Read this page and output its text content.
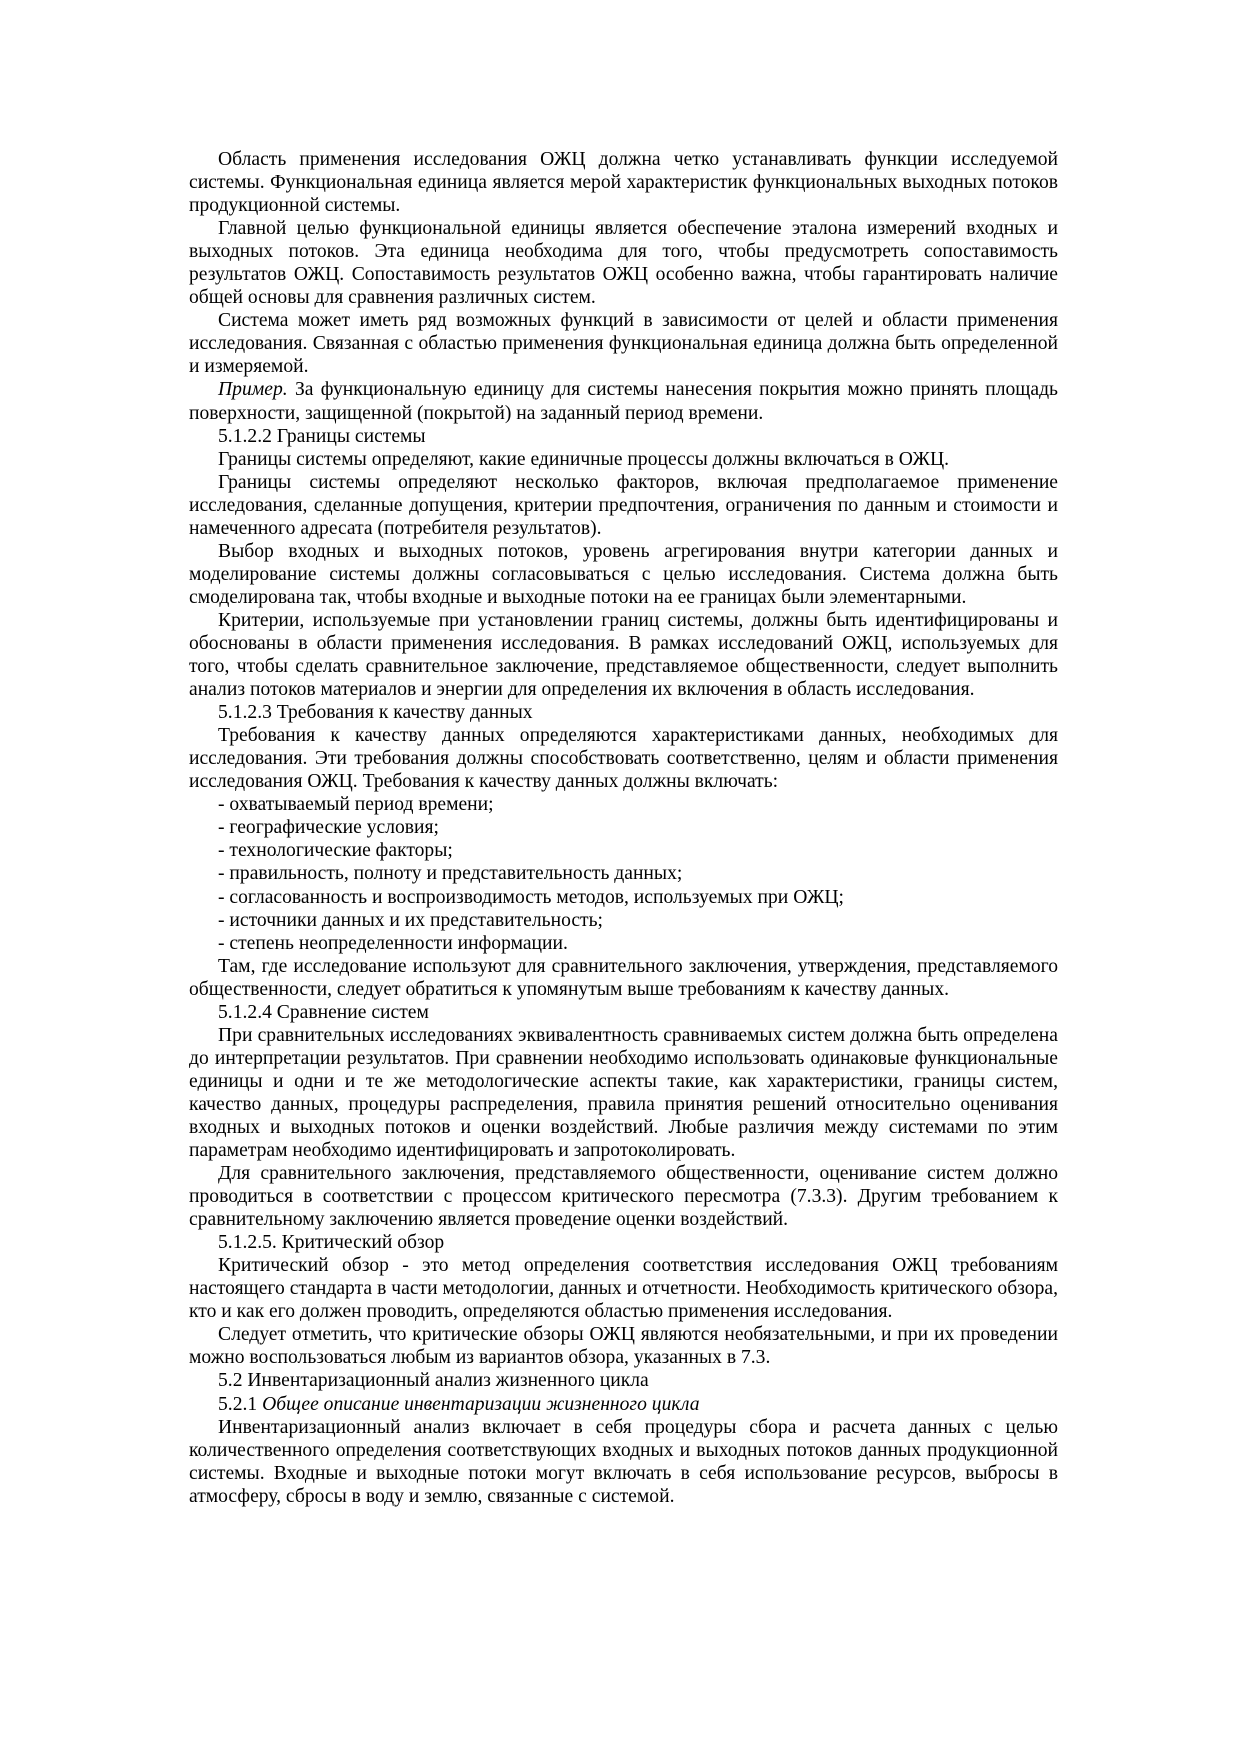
Область применения исследования ОЖЦ должна четко устанавливать функции исследуемой системы. Функциональная единица является мерой характеристик функциональных выходных потоков продукционной системы.

Главной целью функциональной единицы является обеспечение эталона измерений входных и выходных потоков. Эта единица необходима для того, чтобы предусмотреть сопоставимость результатов ОЖЦ. Сопоставимость результатов ОЖЦ особенно важна, чтобы гарантировать наличие общей основы для сравнения различных систем.

Система может иметь ряд возможных функций в зависимости от целей и области применения исследования. Связанная с областью применения функциональная единица должна быть определенной и измеряемой.

Пример. За функциональную единицу для системы нанесения покрытия можно принять площадь поверхности, защищенной (покрытой) на заданный период времени.

5.1.2.2 Границы системы

Границы системы определяют, какие единичные процессы должны включаться в ОЖЦ.

Границы системы определяют несколько факторов, включая предполагаемое применение исследования, сделанные допущения, критерии предпочтения, ограничения по данным и стоимости и намеченного адресата (потребителя результатов).

Выбор входных и выходных потоков, уровень агрегирования внутри категории данных и моделирование системы должны согласовываться с целью исследования. Система должна быть смоделирована так, чтобы входные и выходные потоки на ее границах были элементарными.

Критерии, используемые при установлении границ системы, должны быть идентифицированы и обоснованы в области применения исследования. В рамках исследований ОЖЦ, используемых для того, чтобы сделать сравнительное заключение, представляемое общественности, следует выполнить анализ потоков материалов и энергии для определения их включения в область исследования.

5.1.2.3 Требования к качеству данных

Требования к качеству данных определяются характеристиками данных, необходимых для исследования. Эти требования должны способствовать соответственно, целям и области применения исследования ОЖЦ. Требования к качеству данных должны включать:

- охватываемый период времени;

- географические условия;

- технологические факторы;

- правильность, полноту и представительность данных;

- согласованность и воспроизводимость методов, используемых при ОЖЦ;

- источники данных и их представительность;

- степень неопределенности информации.

Там, где исследование используют для сравнительного заключения, утверждения, представляемого общественности, следует обратиться к упомянутым выше требованиям к качеству данных.

5.1.2.4 Сравнение систем

При сравнительных исследованиях эквивалентность сравниваемых систем должна быть определена до интерпретации результатов. При сравнении необходимо использовать одинаковые функциональные единицы и одни и те же методологические аспекты такие, как характеристики, границы систем, качество данных, процедуры распределения, правила принятия решений относительно оценивания входных и выходных потоков и оценки воздействий. Любые различия между системами по этим параметрам необходимо идентифицировать и запротоколировать.

Для сравнительного заключения, представляемого общественности, оценивание систем должно проводиться в соответствии с процессом критического пересмотра (7.3.3). Другим требованием к сравнительному заключению является проведение оценки воздействий.

5.1.2.5. Критический обзор

Критический обзор - это метод определения соответствия исследования ОЖЦ требованиям настоящего стандарта в части методологии, данных и отчетности. Необходимость критического обзора, кто и как его должен проводить, определяются областью применения исследования.

Следует отметить, что критические обзоры ОЖЦ являются необязательными, и при их проведении можно воспользоваться любым из вариантов обзора, указанных в 7.3.

5.2 Инвентаризационный анализ жизненного цикла

5.2.1 Общее описание инвентаризации жизненного цикла

Инвентаризационный анализ включает в себя процедуры сбора и расчета данных с целью количественного определения соответствующих входных и выходных потоков данных продукционной системы. Входные и выходные потоки могут включать в себя использование ресурсов, выбросы в атмосферу, сбросы в воду и землю, связанные с системой.
